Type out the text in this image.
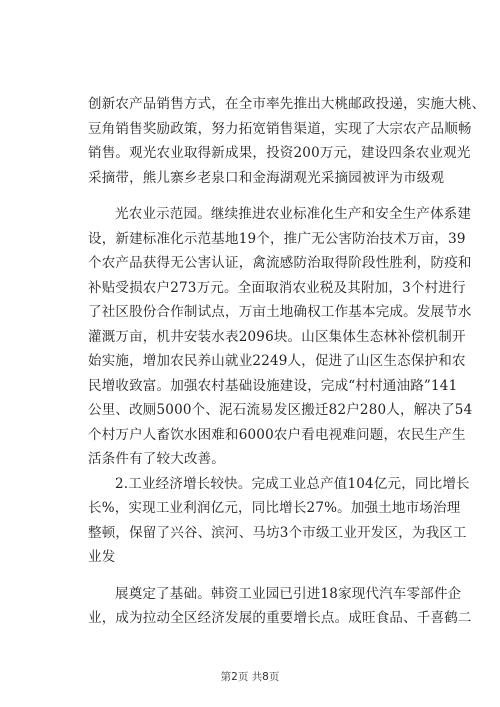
创新农产品销售方式，在全市率先推出大桃邮政投递，实施大桃、
豆角销售奖励政策，努力拓宽销售渠道，实现了大宗农产品顺畅
销售。观光农业取得新成果，投资200万元，建设四条农业观光
采摘带，熊儿寨乡老泉口和金海湖观光采摘园被评为市级观
光农业示范园。继续推进农业标准化生产和安全生产体系建
设，新建标准化示范基地19个，推广无公害防治技术万亩，39
个农产品获得无公害认证，禽流感防治取得阶段性胜利，防疫和
补贴受损农户273万元。全面取消农业税及其附加，3个村进行
了社区股份合作制试点，万亩土地确权工作基本完成。发展节水
灌溉万亩，机井安装水表2096块。山区集体生态林补偿机制开
始实施，增加农民养山就业2249人，促进了山区生态保护和农
民增收致富。加强农村基础设施建设，完成“村村通油路”141
公里、改厕5000个、泥石流易发区搬迁82户280人，解决了54
个村万户人畜饮水困难和6000农户看电视难问题，农民生产生
活条件有了较大改善。
2.工业经济增长较快。完成工业总产值104亿元，同比增长
长%，实现工业利润亿元，同比增长27%。加强土地市场治理
整顿，保留了兴谷、滨河、马坊3个市级工业开发区，为我区工
业发
展奠定了基础。韩资工业园已引进18家现代汽车零部件企
业，成为拉动全区经济发展的重要增长点。成旺食品、千喜鹤二
第2页 共8页
